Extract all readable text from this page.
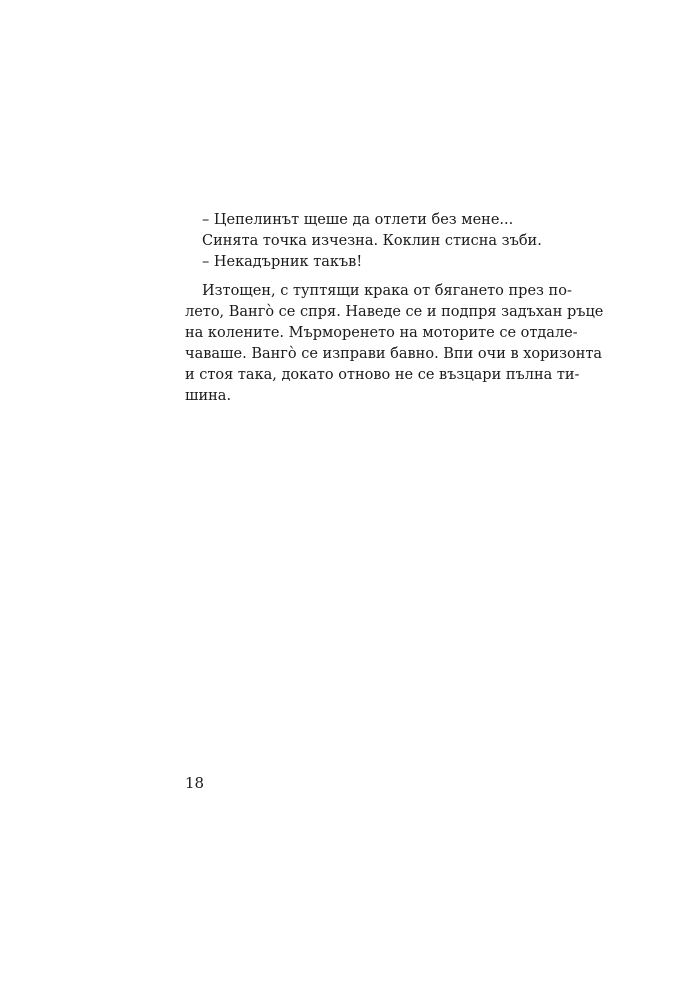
– Цепелинът щеше да отлети без мене...
Синята точка изчезна. Коклин стисна зъби.
– Некадърник такъв!
Изтощен, с туптящи крака от бягането през по-
лето, Вангò се спря. Наведе се и подпря задъхан ръце
на колените. Мърморенето на моторите се отдале-
чаваше. Вангò се изправи бавно. Впи очи в хоризонта
и стоя така, докато отново не се възцари пълна ти-
шина.
18
